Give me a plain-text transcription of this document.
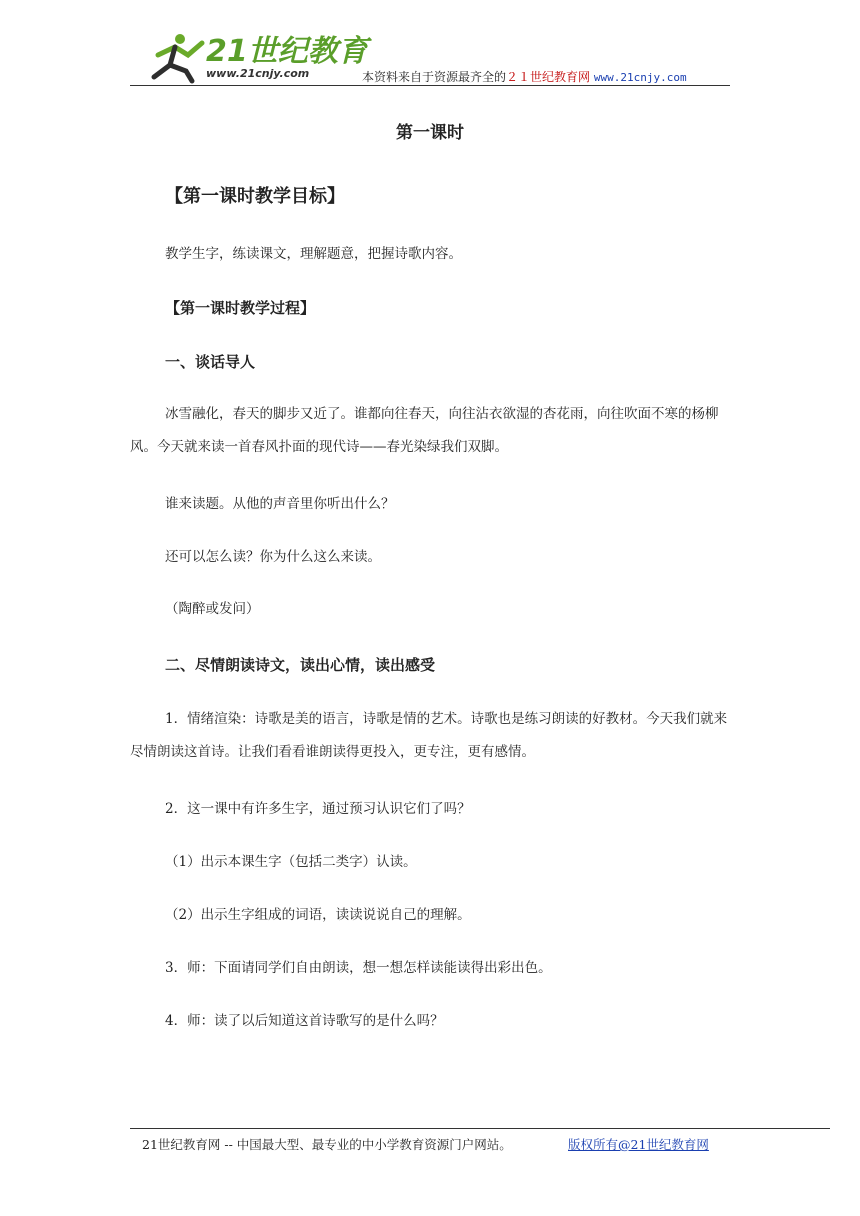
21世纪教育
www.21cnjy.com	本资料来自于资源最齐全的２１世纪教育网 www.21cnjy.com
第一课时
【第一课时教学目标】
教学生字，练读课文，理解题意，把握诗歌内容。
【第一课时教学过程】
一、谈话导人
冰雪融化，春天的脚步又近了。谁都向往春天，向往沾衣欲湿的杏花雨，向往吹面不寒的杨柳风。今天就来读一首春风扑面的现代诗——春光染绿我们双脚。
谁来读题。从他的声音里你听出什么？
还可以怎么读？你为什么这么来读。
（陶醉或发问）
二、尽情朗读诗文，读出心情，读出感受
1．情绪渲染：诗歌是美的语言，诗歌是情的艺术。诗歌也是练习朗读的好教材。今天我们就来尽情朗读这首诗。让我们看看谁朗读得更投入，更专注，更有感情。
2．这一课中有许多生字，通过预习认识它们了吗？
（1）出示本课生字（包括二类字）认读。
（2）出示生字组成的词语，读读说说自己的理解。
3．师：下面请同学们自由朗读，想一想怎样读能读得出彩出色。
4．师：读了以后知道这首诗歌写的是什么吗？
21世纪教育网 -- 中国最大型、最专业的中小学教育资源门户网站。	版权所有@21世纪教育网
